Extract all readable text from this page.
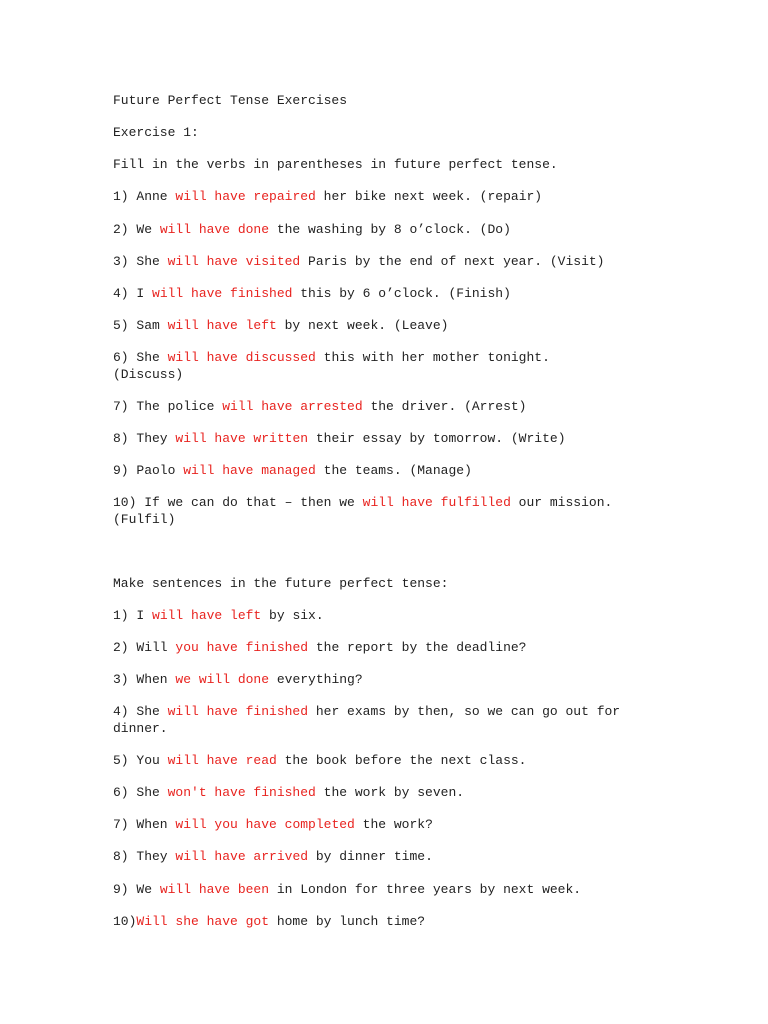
Future Perfect Tense Exercises
Exercise 1:
Fill in the verbs in parentheses in future perfect tense.
1) Anne will have repaired her bike next week. (repair)
2) We will have done the washing by 8 o’clock. (Do)
3) She will have visited Paris by the end of next year. (Visit)
4) I will have finished this by 6 o’clock. (Finish)
5) Sam will have left by next week. (Leave)
6) She will have discussed this with her mother tonight.
(Discuss)
7) The police will have arrested the driver. (Arrest)
8) They will have written their essay by tomorrow. (Write)
9) Paolo will have managed the teams. (Manage)
10) If we can do that – then we will have fulfilled our mission.
(Fulfil)
Make sentences in the future perfect tense:
1) I will have left by six.
2) Will you have finished the report by the deadline?
3) When we will done everything?
4) She will have finished her exams by then, so we can go out for
dinner.
5) You will have read the book before the next class.
6) She won't have finished the work by seven.
7) When will you have completed the work?
8) They will have arrived by dinner time.
9) We will have been in London for three years by next week.
10)Will she have got home by lunch time?
